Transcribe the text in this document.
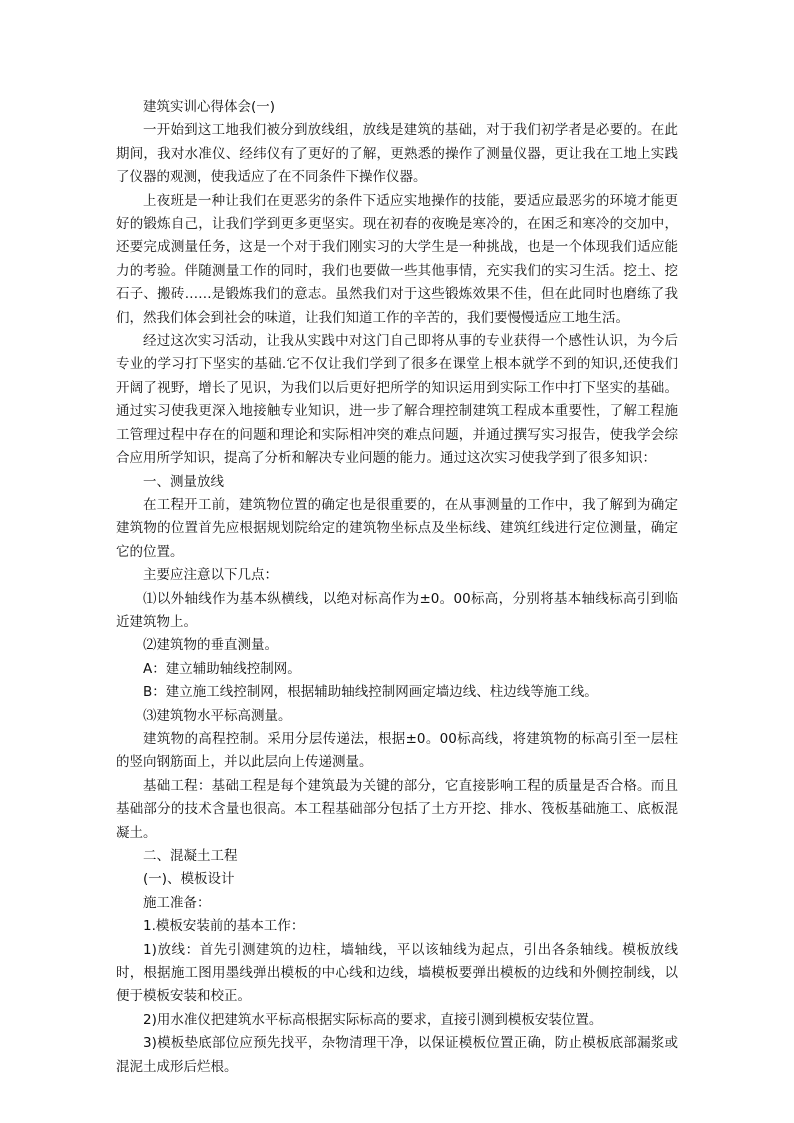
建筑实训心得体会(一)

一开始到这工地我们被分到放线组，放线是建筑的基础，对于我们初学者是必要的。在此期间，我对水准仪、经纬仪有了更好的了解，更熟悉的操作了测量仪器，更让我在工地上实践了仪器的观测，使我适应了在不同条件下操作仪器。

上夜班是一种让我们在更恶劣的条件下适应实地操作的技能，要适应最恶劣的环境才能更好的锻炼自己，让我们学到更多更坚实。现在初春的夜晚是寒冷的，在困乏和寒冷的交加中，还要完成测量任务，这是一个对于我们刚实习的大学生是一种挑战，也是一个体现我们适应能力的考验。伴随测量工作的同时，我们也要做一些其他事情，充实我们的实习生活。挖土、挖石子、搬砖……是锻炼我们的意志。虽然我们对于这些锻炼效果不佳，但在此同时也磨练了我们，然我们体会到社会的味道，让我们知道工作的辛苦的，我们要慢慢适应工地生活。

经过这次实习活动，让我从实践中对这门自己即将从事的专业获得一个感性认识，为今后专业的学习打下坚实的基础.它不仅让我们学到了很多在课堂上根本就学不到的知识,还使我们开阔了视野，增长了见识，为我们以后更好把所学的知识运用到实际工作中打下坚实的基础。通过实习使我更深入地接触专业知识，进一步了解合理控制建筑工程成本重要性，了解工程施工管理过程中存在的问题和理论和实际相冲突的难点问题，并通过撰写实习报告，使我学会综合应用所学知识，提高了分析和解决专业问题的能力。通过这次实习使我学到了很多知识：

一、测量放线

在工程开工前，建筑物位置的确定也是很重要的，在从事测量的工作中，我了解到为确定建筑物的位置首先应根据规划院给定的建筑物坐标点及坐标线、建筑红线进行定位测量，确定它的位置。

主要应注意以下几点：

⑴以外轴线作为基本纵横线，以绝对标高作为±0。00标高，分别将基本轴线标高引到临近建筑物上。

⑵建筑物的垂直测量。

A：建立辅助轴线控制网。

B：建立施工线控制网，根据辅助轴线控制网画定墙边线、柱边线等施工线。

⑶建筑物水平标高测量。

建筑物的高程控制。采用分层传递法，根据±0。00标高线，将建筑物的标高引至一层柱的竖向钢筋面上，并以此层向上传递测量。

基础工程：基础工程是每个建筑最为关键的部分，它直接影响工程的质量是否合格。而且基础部分的技术含量也很高。本工程基础部分包括了土方开挖、排水、筏板基础施工、底板混凝土。

二、混凝土工程

(一)、模板设计

施工准备：

1.模板安装前的基本工作：

1)放线：首先引测建筑的边柱，墙轴线，平以该轴线为起点，引出各条轴线。模板放线时，根据施工图用墨线弹出模板的中心线和边线，墙模板要弹出模板的边线和外侧控制线，以便于模板安装和校正。

2)用水准仪把建筑水平标高根据实际标高的要求，直接引测到模板安装位置。

3)模板垫底部位应预先找平，杂物清理干净，以保证模板位置正确，防止模板底部漏浆或混泥土成形后烂根。
